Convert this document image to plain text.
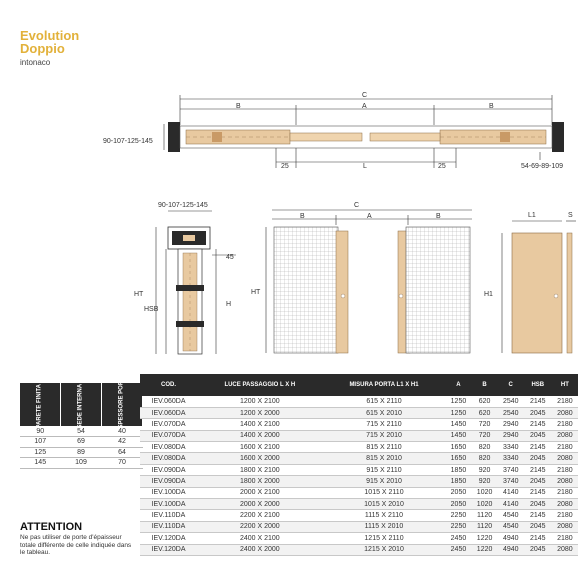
Evolution
Doppio
intonaco
C
B	A	B
90-107-125-145
25	L	25	54-69-89-109
90-107-125-145
HT
HSB
H
45
C
B	A	B
HT
L1	S
H1
PARETE FINITA	SEDE INTERNA	SPESSORE PORTA "S"
90	54	40
107	69	42
125	89	64
145	109	70
COD.	LUCE PASSAGGIO L X H	MISURA PORTA L1 X H1	A	B	C	HSB	HT
IEV.060DA	1200 X 2100	615 X 2110	1250	620	2540	2145	2180
IEV.060DA	1200 X 2000	615 X 2010	1250	620	2540	2045	2080
IEV.070DA	1400 X 2100	715 X 2110	1450	720	2940	2145	2180
IEV.070DA	1400 X 2000	715 X 2010	1450	720	2940	2045	2080
IEV.080DA	1600 X 2100	815 X 2110	1650	820	3340	2145	2180
IEV.080DA	1600 X 2000	815 X 2010	1650	820	3340	2045	2080
IEV.090DA	1800 X 2100	915 X 2110	1850	920	3740	2145	2180
IEV.090DA	1800 X 2000	915 X 2010	1850	920	3740	2045	2080
IEV.100DA	2000 X 2100	1015 X 2110	2050	1020	4140	2145	2180
IEV.100DA	2000 X 2000	1015 X 2010	2050	1020	4140	2045	2080
IEV.110DA	2200 X 2100	1115 X 2110	2250	1120	4540	2145	2180
IEV.110DA	2200 X 2000	1115 X 2010	2250	1120	4540	2045	2080
IEV.120DA	2400 X 2100	1215 X 2110	2450	1220	4940	2145	2180
IEV.120DA	2400 X 2000	1215 X 2010	2450	1220	4940	2045	2080
ATTENTION
Ne pas utiliser de porte d'épaisseur totale différente de celle indiquée dans le tableau.
